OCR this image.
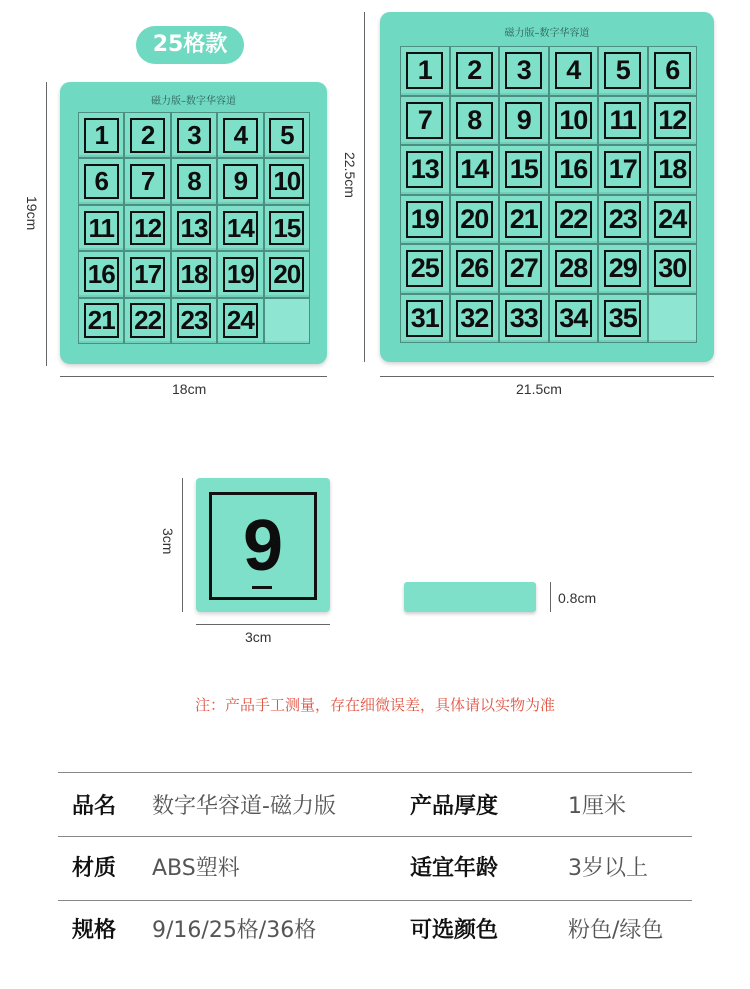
25格款
19cm
磁力版–数字华容道
1	2	3	4	5
6	7	8	9	10
11 12 13 14 15
16 17 18 19 20
21 22 23 24
18cm
22.5cm
磁力版–数字华容道
1	2	3	4	5	6
7	8	9	10 11 12
13 14 15 16 17 18
19 20 21 22 23 24
25 26 27 28 29 30
31 32 33 34 35
21.5cm
3cm 9
3cm
0.8cm
注：产品手工测量，存在细微误差，具体请以实物为准
品名 数字华容道-磁力版	产品厚度	1厘米
材质 ABS塑料	适宜年龄	3岁以上
规格 9/16/25格/36格	可选颜色	粉色/绿色
